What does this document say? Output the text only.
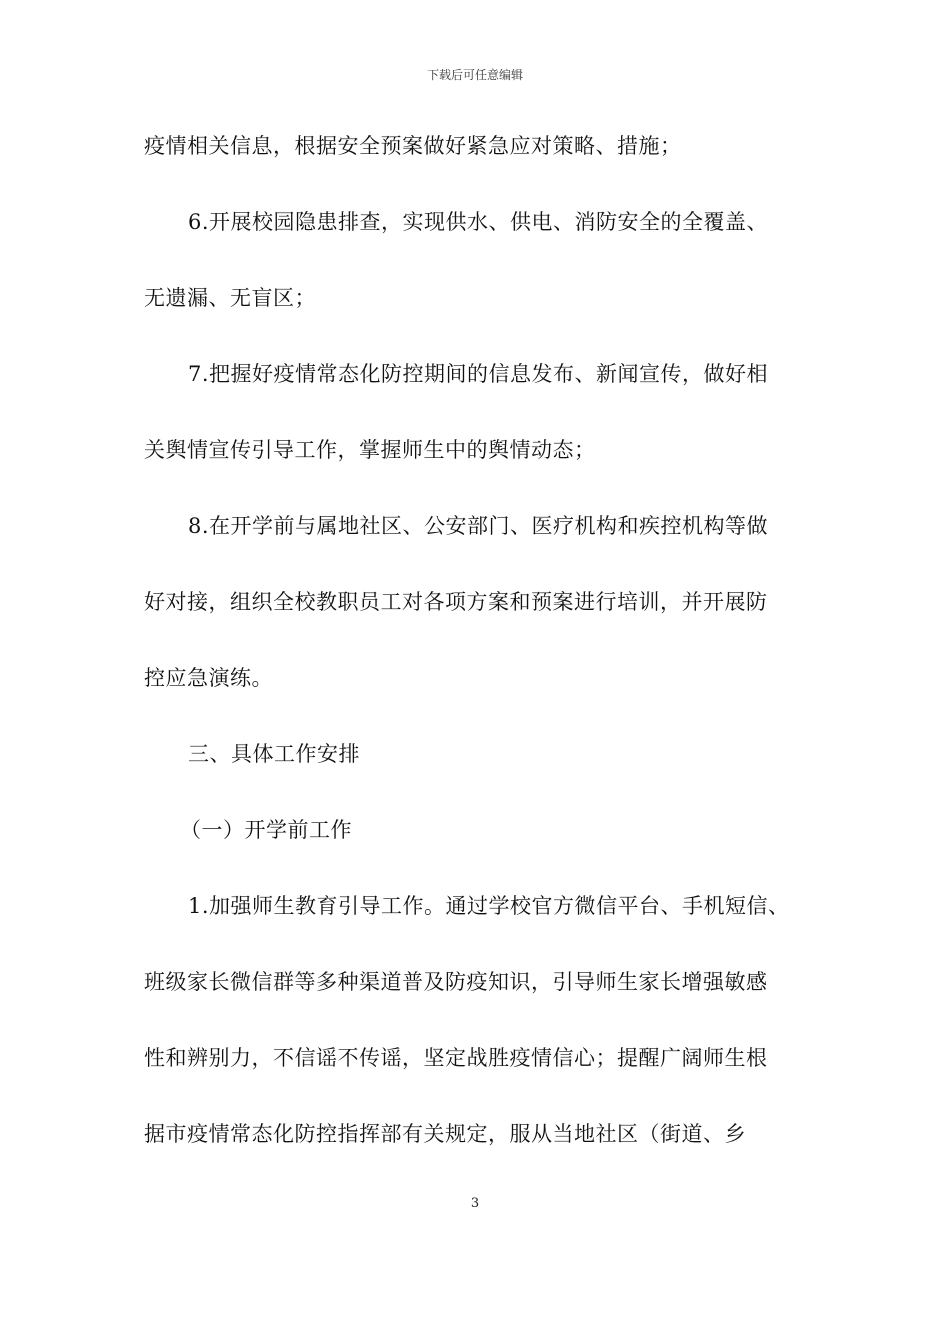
下载后可任意编辑
疫情相关信息，根据安全预案做好紧急应对策略、措施；
6.开展校园隐患排查，实现供水、供电、消防安全的全覆盖、
无遗漏、无盲区；
7.把握好疫情常态化防控期间的信息发布、新闻宣传，做好相
关舆情宣传引导工作，掌握师生中的舆情动态；
8.在开学前与属地社区、公安部门、医疗机构和疾控机构等做
好对接，组织全校教职员工对各项方案和预案进行培训，并开展防
控应急演练。
三、具体工作安排
（一）开学前工作
1.加强师生教育引导工作。通过学校官方微信平台、手机短信、
班级家长微信群等多种渠道普及防疫知识，引导师生家长增强敏感
性和辨别力，不信谣不传谣，坚定战胜疫情信心；提醒广阔师生根
据市疫情常态化防控指挥部有关规定，服从当地社区（街道、乡
3
